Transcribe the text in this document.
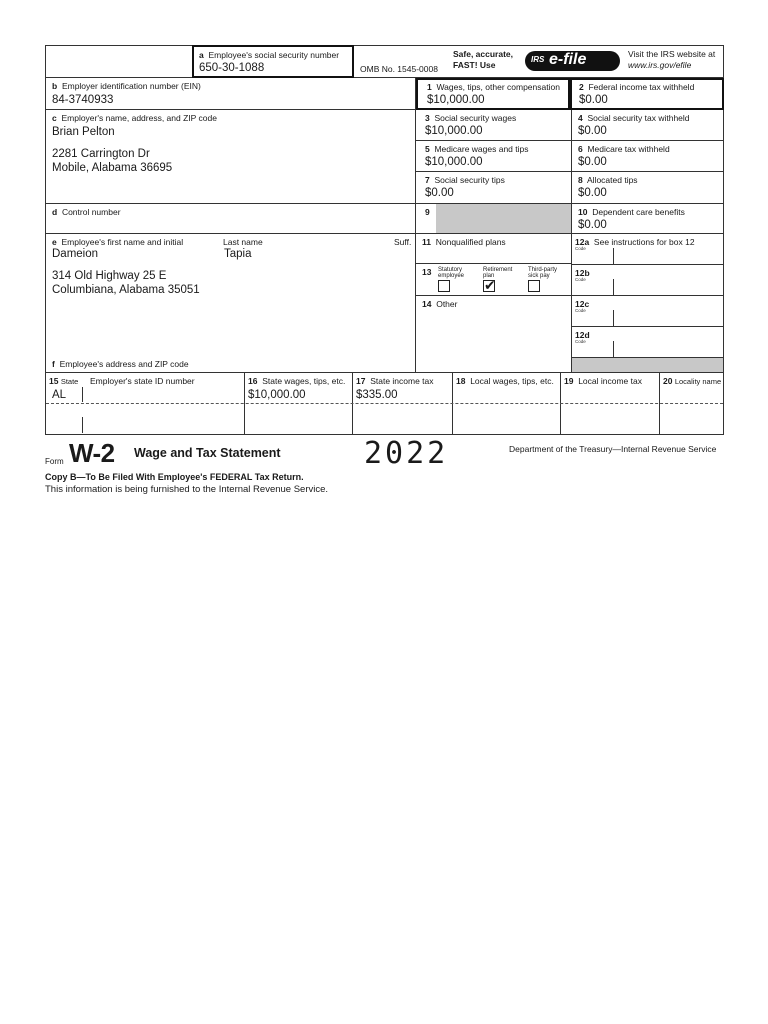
a Employee's social security number
650-30-1088	OMB No. 1545-0008
Safe, accurate,
FAST! Use
IRS e-file	Visit the IRS website at
www.irs.gov/efile
b Employer identification number (EIN)
84-3740933
c Employer's name, address, and ZIP code
Brian Pelton
2281 Carrington Dr
Mobile, Alabama 36695
d Control number
e Employee's first name and initial	Last name	Suff.
Dameion	Tapia
314 Old Highway 25 E
Columbiana, Alabama 35051
f Employee's address and ZIP code
1 Wages, tips, other compensation
$10,000.00
3 Social security wages
$10,000.00
5 Medicare wages and tips
$10,000.00
7 Social security tips
$0.00
9
11 Nonqualified plans
13 Statutory
employee
Retirement
plan
Third-party
sick pay
✔
14 Other
2 Federal income tax withheld
$0.00
4 Social security tax withheld
$0.00
6 Medicare tax withheld
$0.00
8 Allocated tips
$0.00
10 Dependent care benefits
$0.00
12a See instructions for box 12
Code
12b
Code
12c
Code
12d
Code
15 State Employer's state ID number
AL
16 State wages, tips, etc.
$10,000.00
17 State income tax
$335.00
18 Local wages, tips, etc. 19 Local income tax 20 Locality name
Form W-2 Wage and Tax Statement	2022	Department of the Treasury—Internal Revenue Service
Copy B—To Be Filed With Employee's FEDERAL Tax Return.
This information is being furnished to the Internal Revenue Service.
